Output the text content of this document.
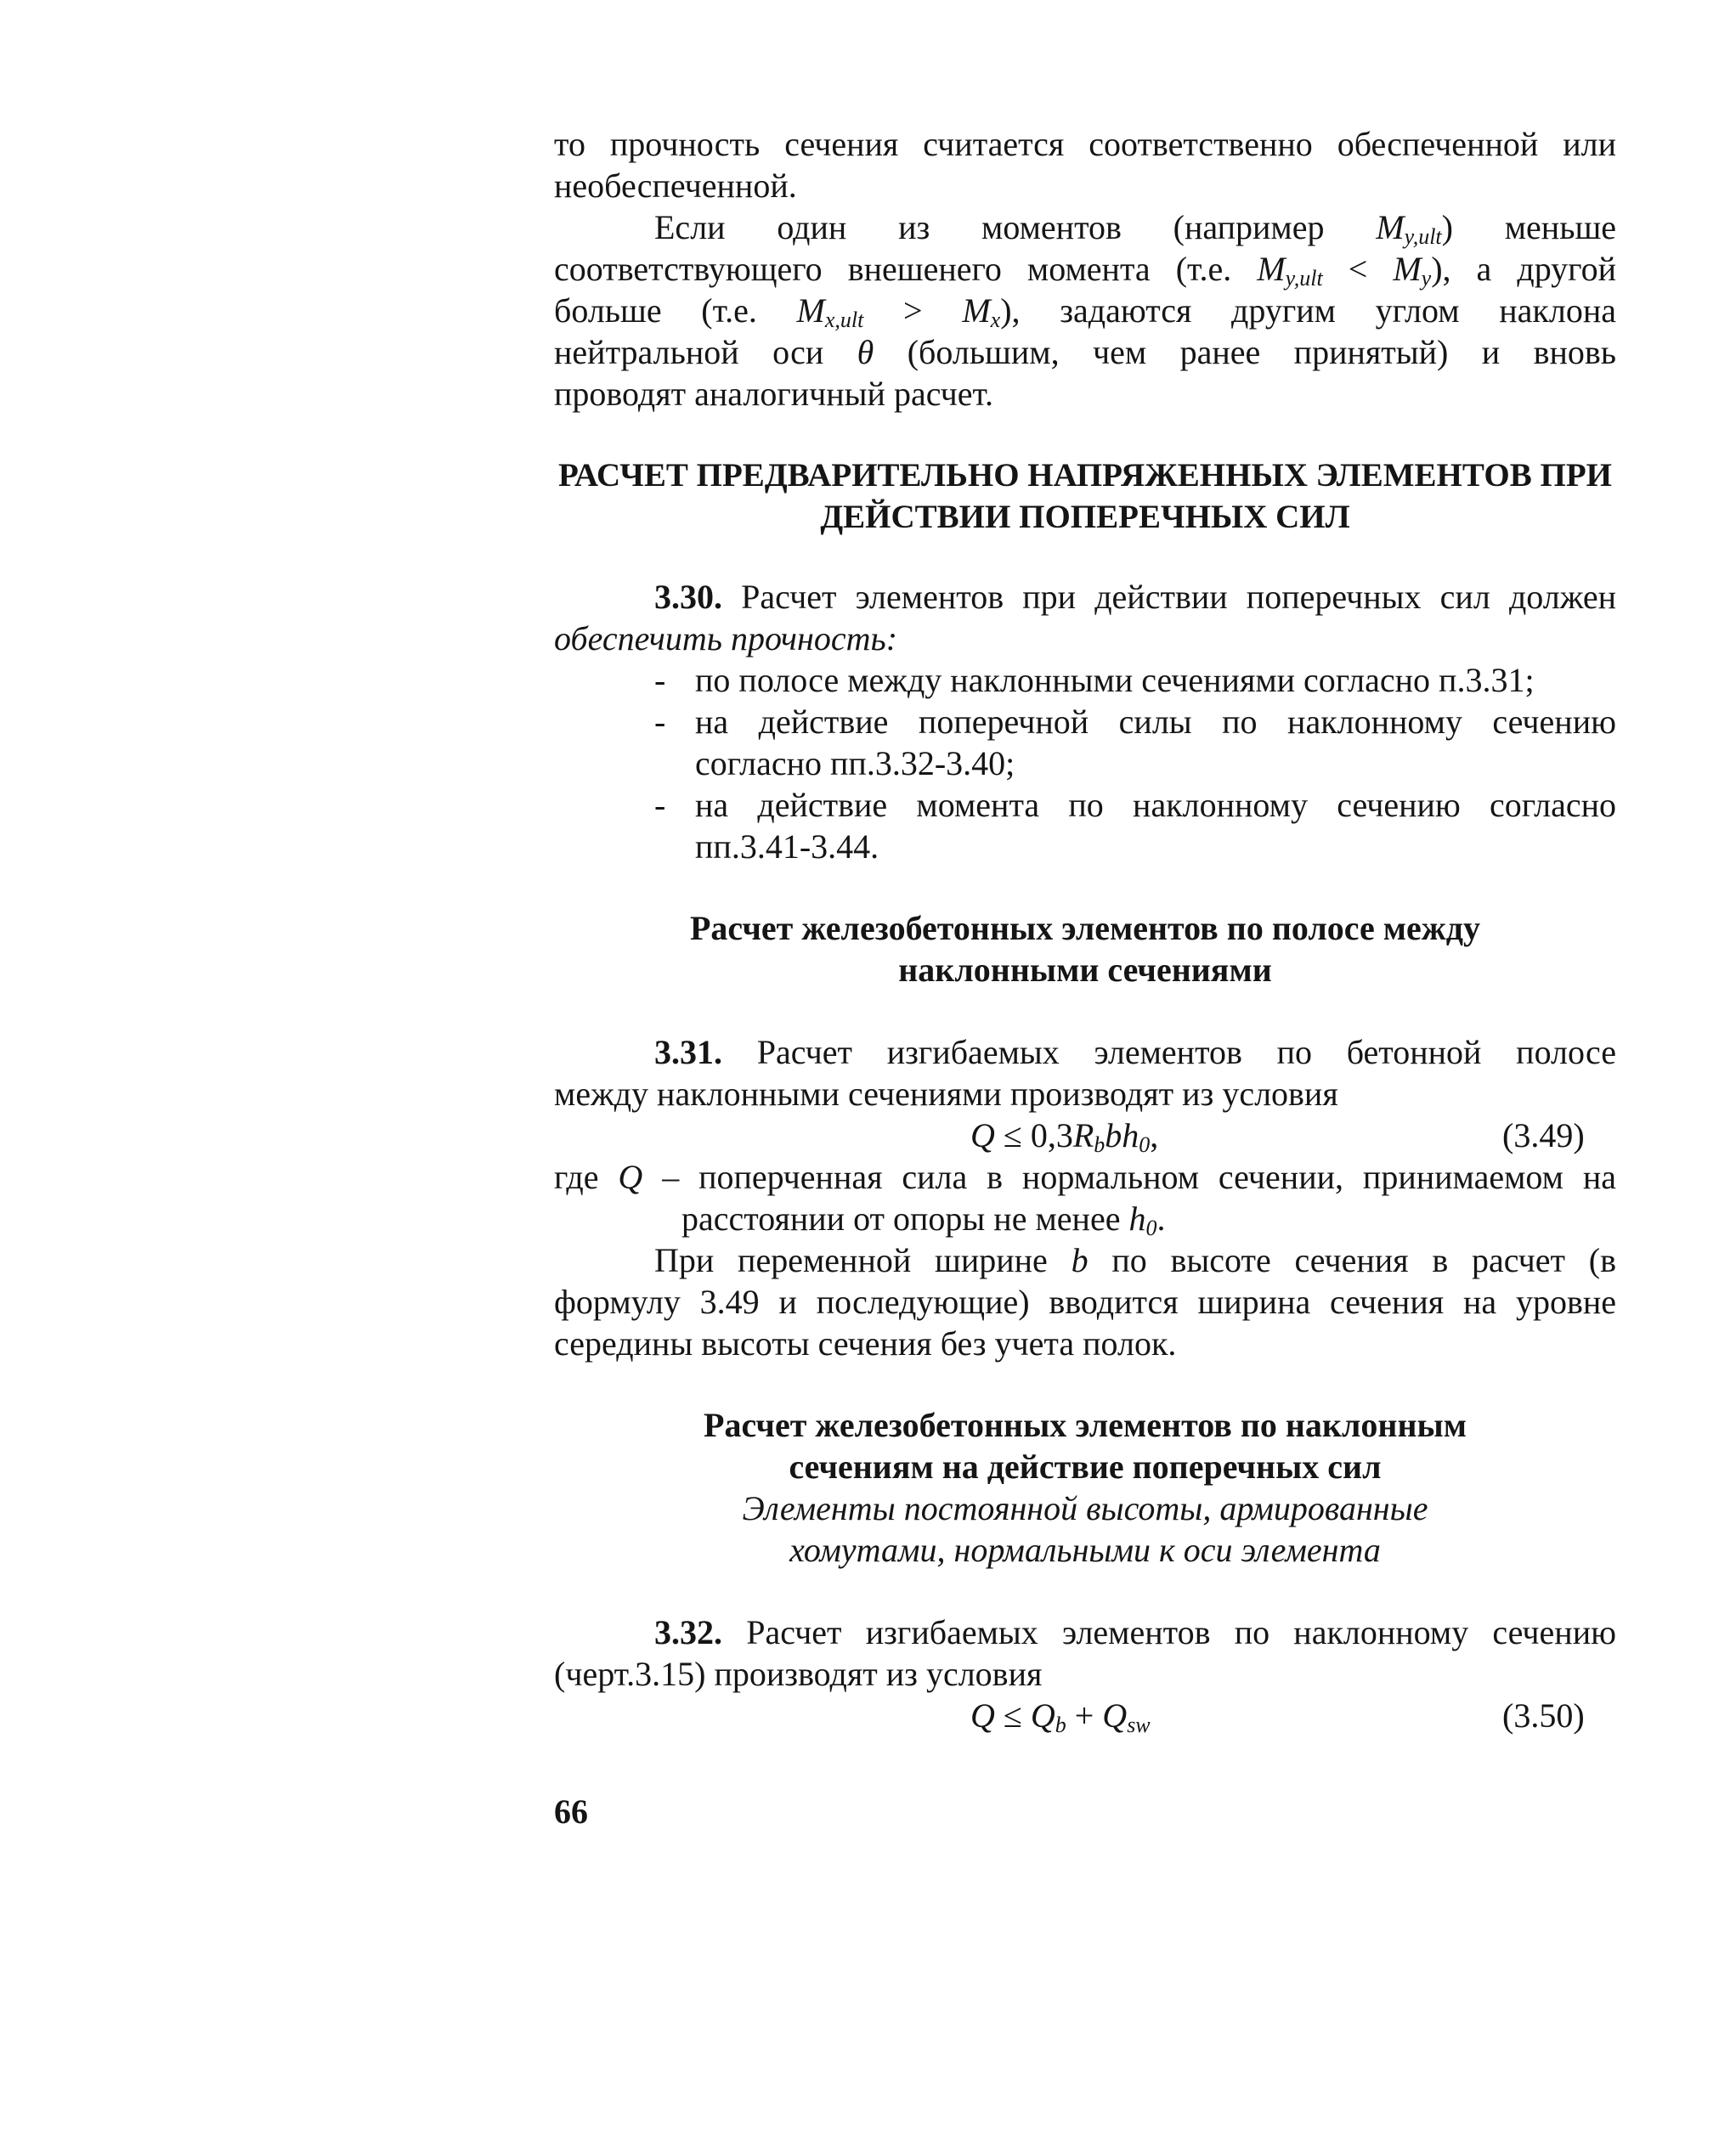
то прочность сечения считается соответственно обеспеченной или
необеспеченной.
Если один из моментов (например $M_{y,ult}$) меньше
соответствующего внешенего момента (т.е. $M_{y,ult} < M_y$), а другой
больше (т.е. $M_{x,ult} > M_x$), задаются другим углом наклона
нейтральной оси θ (большим, чем ранее принятый) и вновь
проводят аналогичный расчет.
РАСЧЕТ ПРЕДВАРИТЕЛЬНО НАПРЯЖЕННЫХ ЭЛЕМЕНТОВ ПРИ
ДЕЙСТВИИ ПОПЕРЕЧНЫХ СИЛ
3.30. Расчет элементов при действии поперечных сил должен
обеспечить прочность:
- по полосе между наклонными сечениями согласно п.3.31;
- на действие поперечной силы по наклонному сечению
согласно пп.3.32-3.40;
- на действие момента по наклонному сечению согласно
пп.3.41-3.44.
Расчет железобетонных элементов по полосе между
наклонными сечениями
3.31. Расчет изгибаемых элементов по бетонной полосе
между наклонными сечениями производят из условия
$Q \le 0,3R_bbh_0$,	(3.49)
где Q – поперченная сила в нормальном сечении, принимаемом на
расстоянии от опоры не менее $h_0$.
При переменной ширине b по высоте сечения в расчет (в
формулу 3.49 и последующие) вводится ширина сечения на уровне
середины высоты сечения без учета полок.
Расчет железобетонных элементов по наклонным
сечениям на действие поперечных сил
Элементы постоянной высоты, армированные
хомутами, нормальными к оси элемента
3.32. Расчет изгибаемых элементов по наклонному сечению
(черт.3.15) производят из условия
$Q \le Q_b + Q_{sw}$	(3.50)
66
